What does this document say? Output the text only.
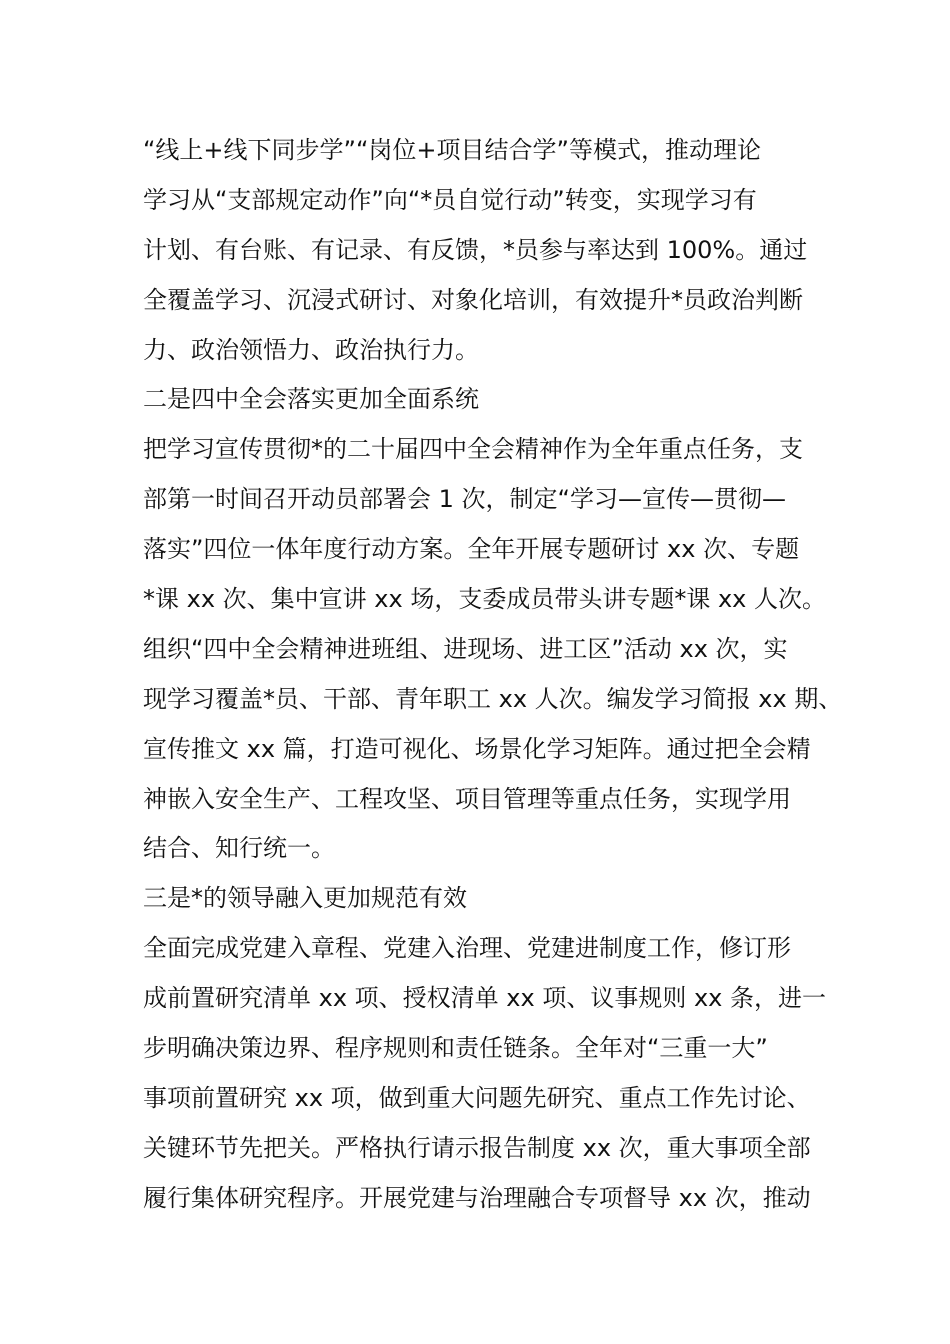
“线上+线下同步学”“岗位+项目结合学”等模式，推动理论
学习从“支部规定动作”向“*员自觉行动”转变，实现学习有
计划、有台账、有记录、有反馈，*员参与率达到 100%。通过
全覆盖学习、沉浸式研讨、对象化培训，有效提升*员政治判断
力、政治领悟力、政治执行力。
二是四中全会落实更加全面系统
把学习宣传贯彻*的二十届四中全会精神作为全年重点任务，支
部第一时间召开动员部署会 1 次，制定“学习—宣传—贯彻—
落实”四位一体年度行动方案。全年开展专题研讨 xx 次、专题
*课 xx 次、集中宣讲 xx 场，支委成员带头讲专题*课 xx 人次。
组织“四中全会精神进班组、进现场、进工区”活动 xx 次，实
现学习覆盖*员、干部、青年职工 xx 人次。编发学习简报 xx 期、
宣传推文 xx 篇，打造可视化、场景化学习矩阵。通过把全会精
神嵌入安全生产、工程攻坚、项目管理等重点任务，实现学用
结合、知行统一。
三是*的领导融入更加规范有效
全面完成党建入章程、党建入治理、党建进制度工作，修订形
成前置研究清单 xx 项、授权清单 xx 项、议事规则 xx 条，进一
步明确决策边界、程序规则和责任链条。全年对“三重一大”
事项前置研究 xx 项，做到重大问题先研究、重点工作先讨论、
关键环节先把关。严格执行请示报告制度 xx 次，重大事项全部
履行集体研究程序。开展党建与治理融合专项督导 xx 次，推动
